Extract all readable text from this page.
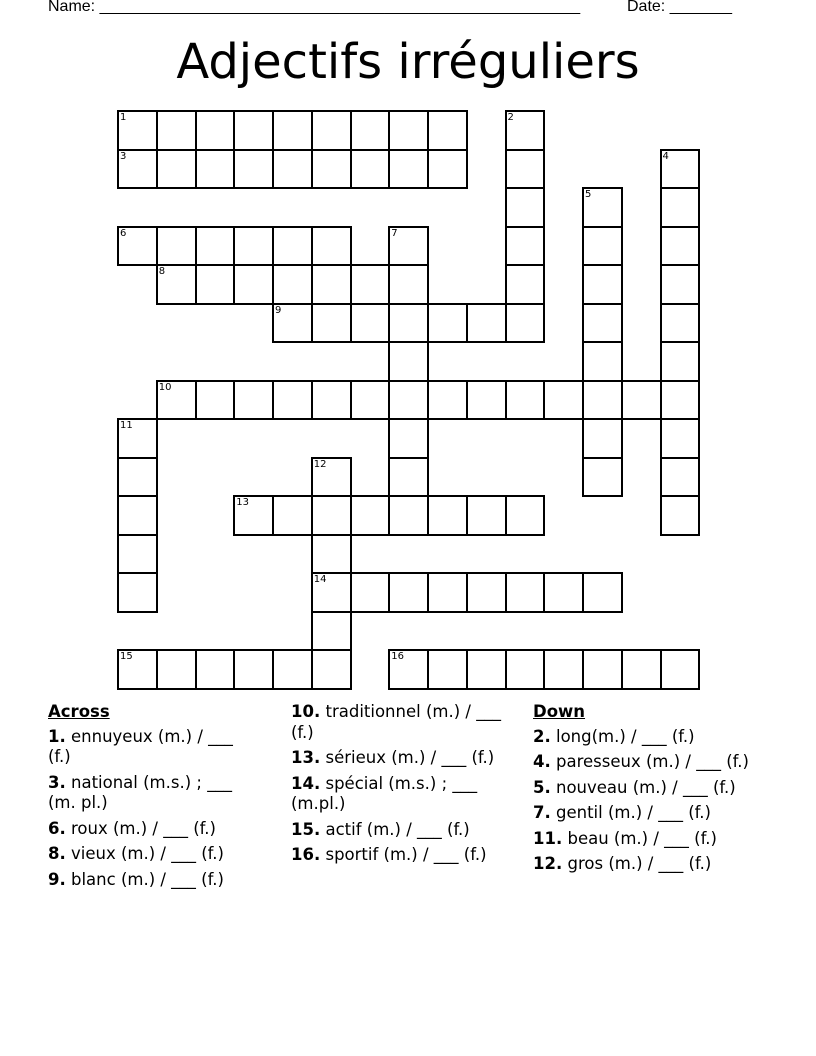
Name: ______________________________________________________	Date: _______
Adjectifs irréguliers
1	2
3	4
5
6	7
8
9
10
11
12
13
14
15	16
Across
1. ennuyeux (m.) / ___ (f.)
3. national (m.s.) ; ___ (m. pl.)
6. roux (m.) / ___ (f.)
8. vieux (m.) / ___ (f.)
9. blanc (m.) / ___ (f.)
10. traditionnel (m.) / ___ (f.)
13. sérieux (m.) / ___ (f.)
14. spécial (m.s.) ; ___ (m.pl.)
15. actif (m.) / ___ (f.)
16. sportif (m.) / ___ (f.)
Down
2. long(m.) / ___ (f.)
4. paresseux (m.) / ___ (f.)
5. nouveau (m.) / ___ (f.)
7. gentil (m.) / ___ (f.)
11. beau (m.) / ___ (f.)
12. gros (m.) / ___ (f.)
